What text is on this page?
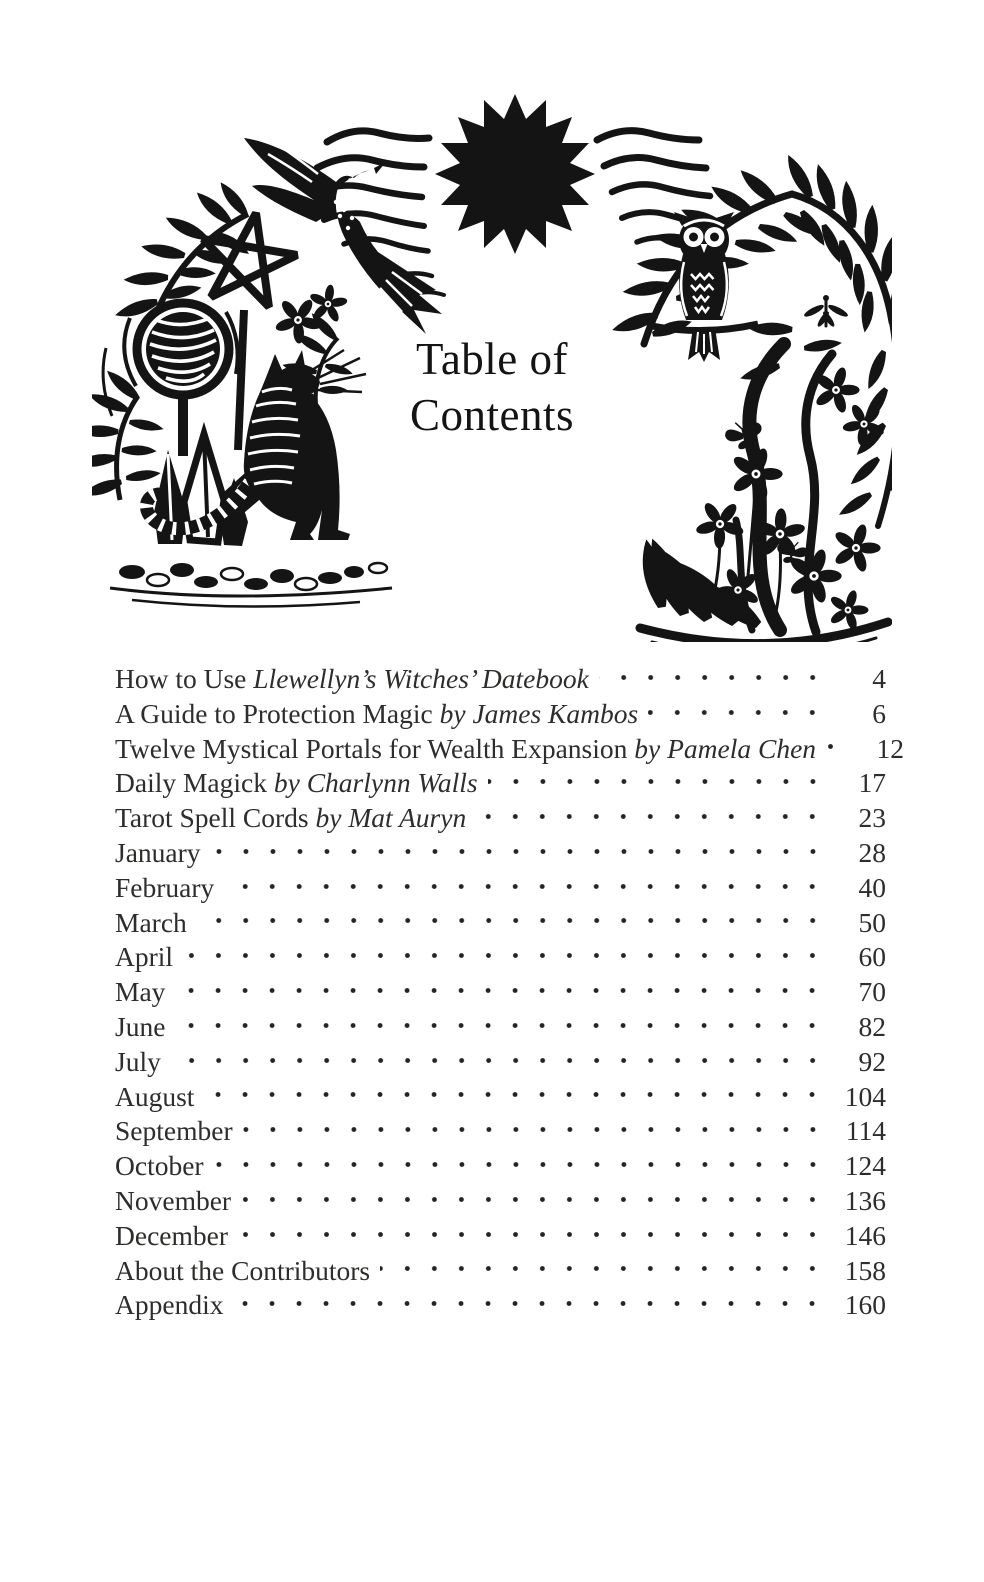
Table of
Contents
How to Use Llewellyn’s Witches’ Datebook	4
A Guide to Protection Magic by James Kambos	6
Twelve Mystical Portals for Wealth Expansion by Pamela Chen	12
Daily Magick by Charlynn Walls	17
Tarot Spell Cords by Mat Auryn	23
January	28
February	40
March	50
April	60
May	70
June	82
July	92
August	104
September	114
October	124
November	136
December	146
About the Contributors	158
Appendix	160
